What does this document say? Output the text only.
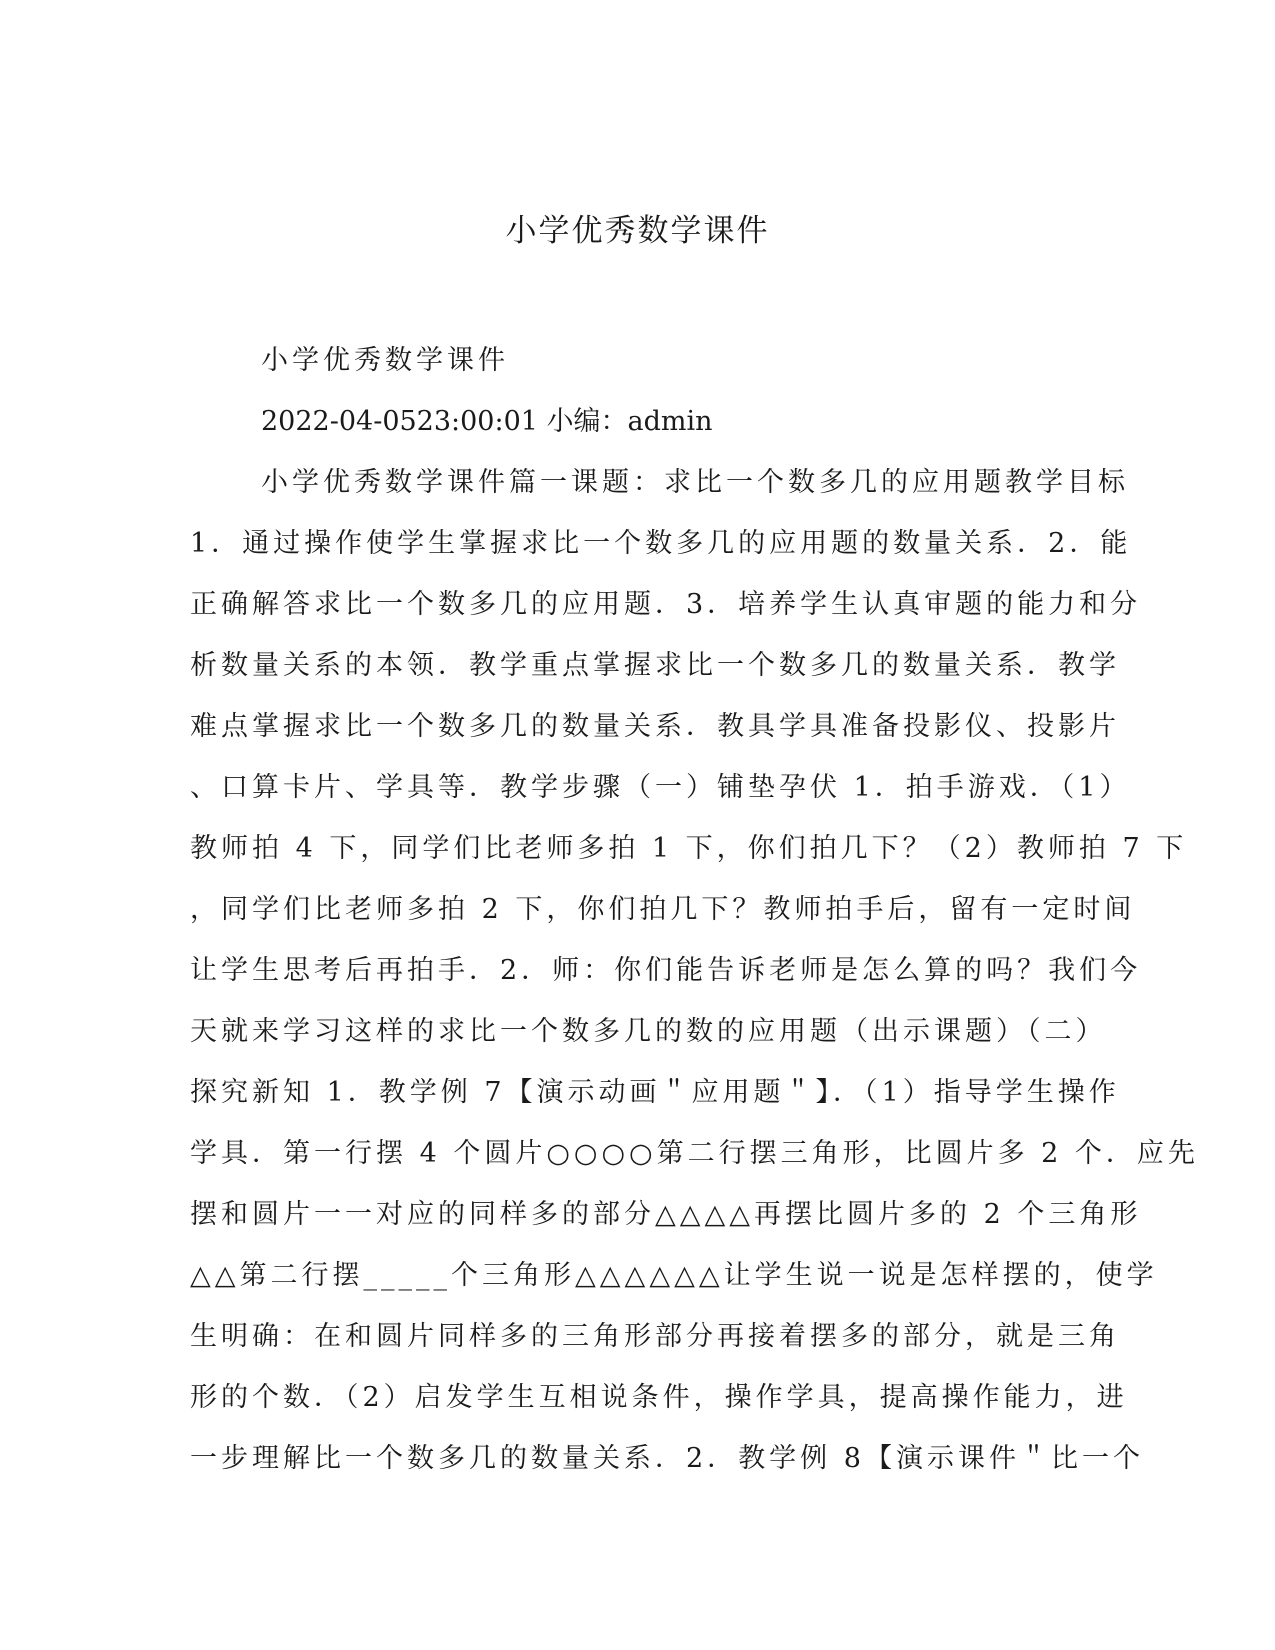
小学优秀数学课件
小学优秀数学课件
2022-04-0523:00:01 小编：admin
小学优秀数学课件篇一课题：求比一个数多几的应用题教学目标
1．通过操作使学生掌握求比一个数多几的应用题的数量关系．2．能
正确解答求比一个数多几的应用题．3．培养学生认真审题的能力和分
析数量关系的本领．教学重点掌握求比一个数多几的数量关系．教学
难点掌握求比一个数多几的数量关系．教具学具准备投影仪、投影片
、口算卡片、学具等．教学步骤（一）铺垫孕伏 1．拍手游戏．（1）
教师拍 4 下，同学们比老师多拍 1 下，你们拍几下？（2）教师拍 7 下
，同学们比老师多拍 2 下，你们拍几下？教师拍手后，留有一定时间
让学生思考后再拍手．2．师：你们能告诉老师是怎么算的吗？我们今
天就来学习这样的求比一个数多几的数的应用题（出示课题）（二）
探究新知 1．教学例 7【演示动画＂应用题＂】．（1）指导学生操作
学具．第一行摆 4 个圆片○○○○第二行摆三角形，比圆片多 2 个．应先
摆和圆片一一对应的同样多的部分△△△△再摆比圆片多的 2 个三角形
△△第二行摆_____个三角形△△△△△△让学生说一说是怎样摆的，使学
生明确：在和圆片同样多的三角形部分再接着摆多的部分，就是三角
形的个数．（2）启发学生互相说条件，操作学具，提高操作能力，进
一步理解比一个数多几的数量关系．2．教学例 8【演示课件＂比一个
